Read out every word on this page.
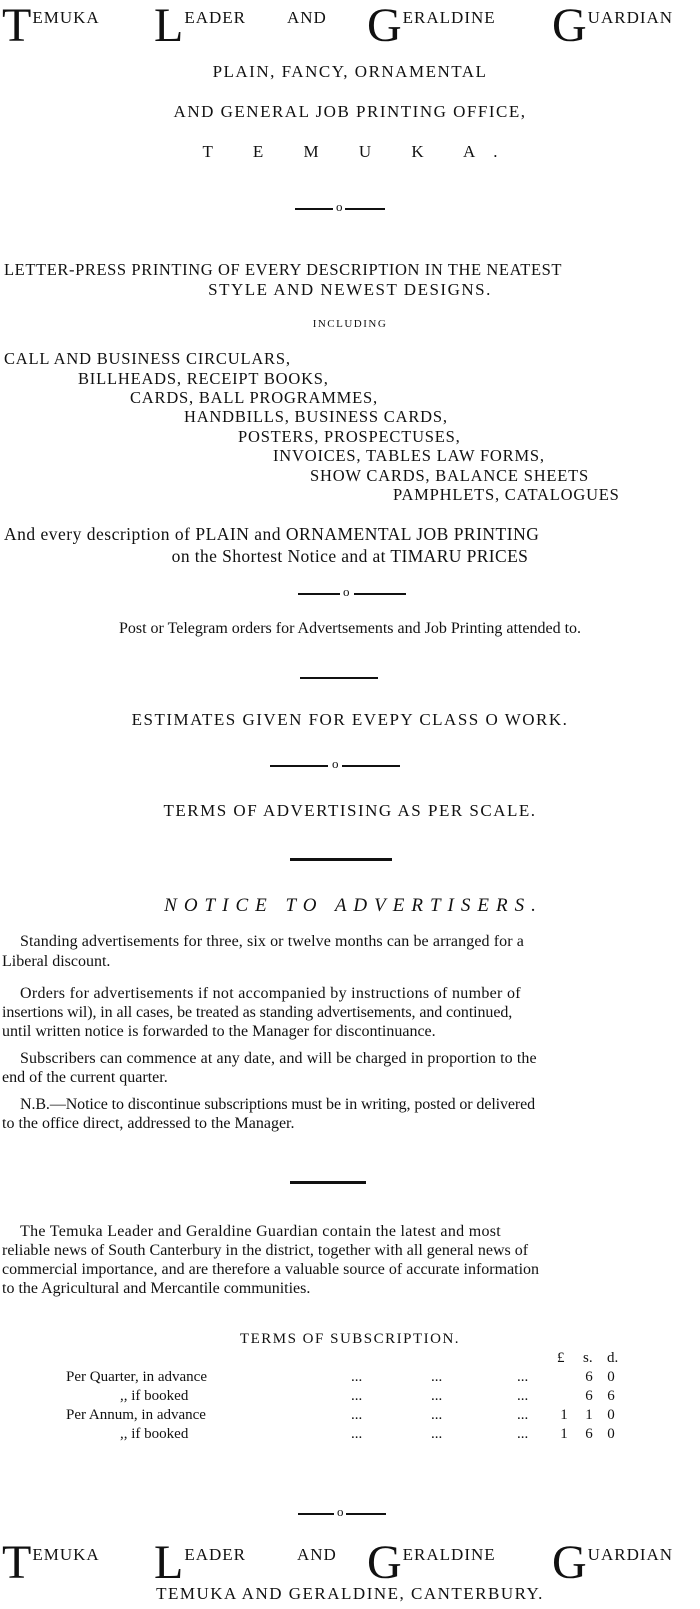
TEMUKA LEADER AND GERALDINE GUARDIAN
PLAIN, FANCY, ORNAMENTAL
AND GENERAL JOB PRINTING OFFICE,
T E M U K A.
o
LETTER-PRESS PRINTING OF EVERY DESCRIPTION IN THE NEATEST
STYLE AND NEWEST DESIGNS.
INCLUDING
CALL AND BUSINESS CIRCULARS,
BILLHEADS, RECEIPT BOOKS,
CARDS, BALL PROGRAMMES,
HANDBILLS, BUSINESS CARDS,
POSTERS, PROSPECTUSES,
INVOICES, TABLES LAW FORMS,
SHOW CARDS, BALANCE SHEETS
PAMPHLETS, CATALOGUES
And every description of PLAIN and ORNAMENTAL JOB PRINTING
on the Shortest Notice and at TIMARU PRICES
o
Post or Telegram orders for Advertsements and Job Printing attended to.
ESTIMATES GIVEN FOR EVEPY CLASS O WORK.
o
TERMS OF ADVERTISING AS PER SCALE.
NOTICE TO ADVERTISERS.
Standing advertisements for three, six or twelve months can be arranged for a
Liberal discount.
Orders for advertisements if not accompanied by instructions of number of
insertions wil), in all cases, be treated as standing advertisements, and continued,
until written notice is forwarded to the Manager for discontinuance.
Subscribers can commence at any date, and will be charged in proportion to the
end of the current quarter.
N.B.—Notice to discontinue subscriptions must be in writing, posted or delivered
to the office direct, addressed to the Manager.
The Temuka Leader and Geraldine Guardian contain the latest and most
reliable news of South Canterbury in the district, together with all general news of
commercial importance, and are therefore a valuable source of accurate information
to the Agricultural and Mercantile communities.
TERMS OF SUBSCRIPTION.
£ s. d.
Per Quarter, in advance	...	...	...		6	0
,, if booked	...	...	...		6	6
Per Annum, in advance	...	...	...	1	1	0
,, if booked	...	...	...	1	6	0
o
TEMUKA LEADER	AND GERALDINE GUARDIAN
TEMUKA AND GERALDINE, CANTERBURY.
